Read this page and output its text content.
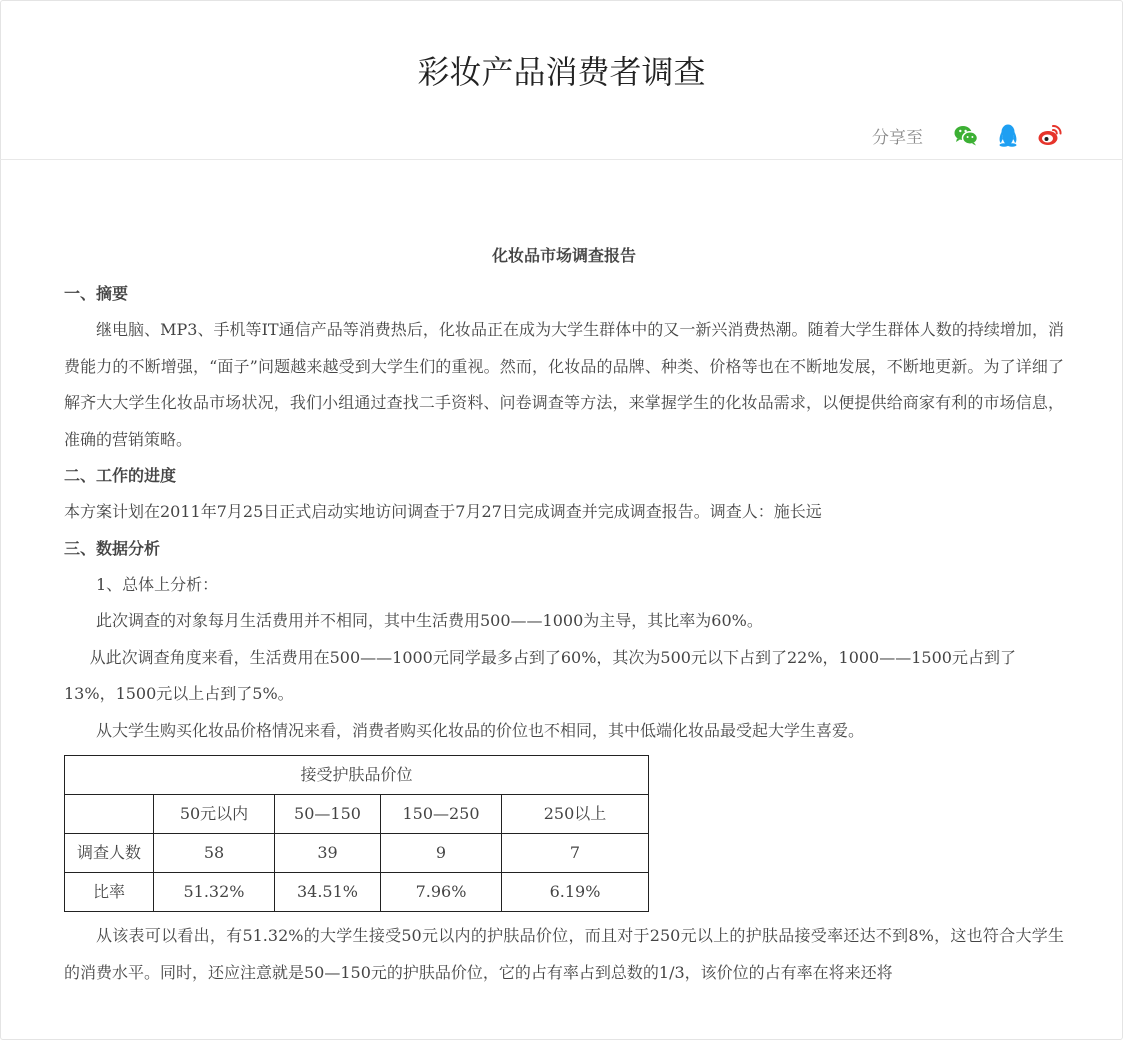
彩妆产品消费者调查
分享至
化妆品市场调查报告
一、摘要

继电脑、MP3、手机等IT通信产品等消费热后，化妆品正在成为大学生群体中的又一新兴消费热潮。随着大学生群体人数的持续增加，消费能力的不断增强，“面子”问题越来越受到大学生们的重视。然而，化妆品的品牌、种类、价格等也在不断地发展，不断地更新。为了详细了解齐大大学生化妆品市场状况，我们小组通过查找二手资料、问卷调查等方法，来掌握学生的化妆品需求，以便提供给商家有利的市场信息，准确的营销策略。

二、工作的进度

本方案计划在2011年7月25日正式启动实地访问调查于7月27日完成调查并完成调查报告。调查人：施长远

三、数据分析

1、总体上分析：

此次调查的对象每月生活费用并不相同，其中生活费用500——1000为主导，其比率为60%。

从此次调查角度来看，生活费用在500——1000元同学最多占到了60%，其次为500元以下占到了22%，1000——1500元占到了13%，1500元以上占到了5%。

从大学生购买化妆品价格情况来看，消费者购买化妆品的价位也不相同，其中低端化妆品最受起大学生喜爱。

接受护肤品价位				
	50元以内	50—150	150—250	250以上
调查人数	58	39	9	7
比率	51.32%	34.51%	7.96%	6.19%

从该表可以看出，有51.32%的大学生接受50元以内的护肤品价位，而且对于250元以上的护肤品接受率还达不到8%，这也符合大学生的消费水平。同时，还应注意就是50—150元的护肤品价位，它的占有率占到总数的1/3，该价位的占有率在将来还将
